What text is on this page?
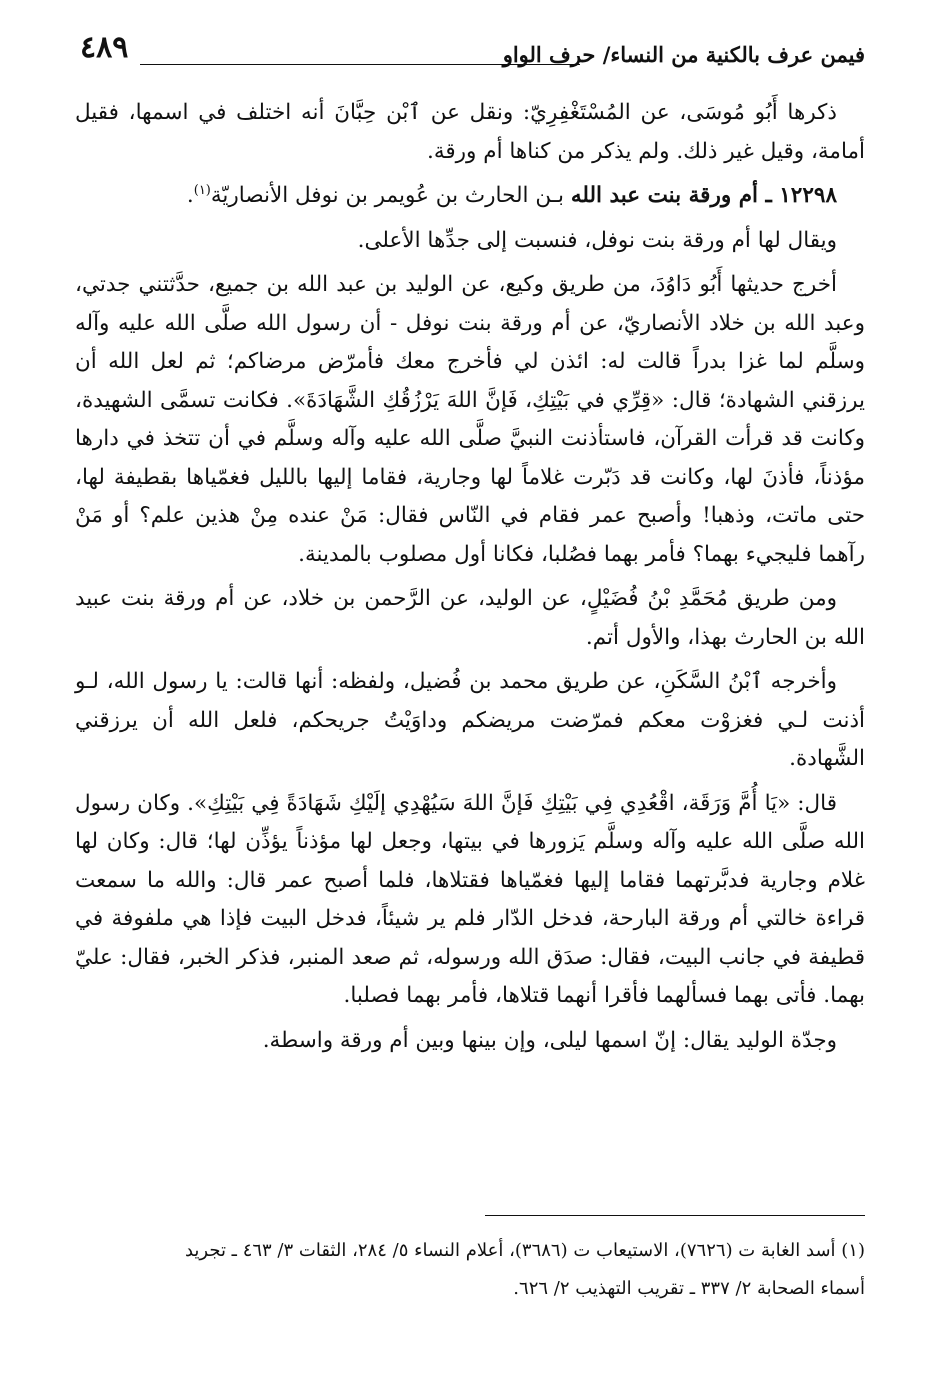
٤٨٩	فيمن عرف بالكنية من النساء/ حرف الواو

ذكرها أَبُو مُوسَى، عن المُسْتَغْفِرِيّ: ونقل عن ٱبْن حِبَّانَ أنه اختلف في اسمها، فقيل أمامة، وقيل غير ذلك. ولم يذكر من كناها أم ورقة.

١٢٢٩٨ ـ أم ورقة بنت عبد الله بـن الحارث بن عُويمر بن نوفل الأنصاريّة$^{(١)}$.

ويقال لها أم ورقة بنت نوفل، فنسبت إلى جدِّها الأعلى.

أخرج حديثها أَبُو دَاوُدَ، من طريق وكيع، عن الوليد بن عبد الله بن جميع، حدَّثتني جدتي، وعبد الله بن خلاد الأنصاريّ، عن أم ورقة بنت نوفل - أن رسول الله صلَّى الله عليه وآله وسلَّم لما غزا بدراً قالت له: ائذن لي فأخرج معك فأمرّض مرضاكم؛ ثم لعل الله أن يرزقني الشهادة؛ قال: «قِرِّي في بَيْتِكِ، فَإنَّ اللهَ يَرْزُقُكِ الشَّهَادَةَ». فكانت تسمَّى الشهيدة، وكانت قد قرأت القرآن، فاستأذنت النبيَّ صلَّى الله عليه وآله وسلَّم في أن تتخذ في دارها مؤذناً، فأذنَ لها، وكانت قد دَبّرت غلاماً لها وجارية، فقاما إليها بالليل فغمّياها بقطيفة لها، حتى ماتت، وذهبا! وأصبح عمر فقام في النّاس فقال: مَنْ عنده مِنْ هذين علم؟ أو مَنْ رآهما فليجيء بهما؟ فأمر بهما فصُلبا، فكانا أول مصلوب بالمدينة.

ومن طريق مُحَمَّدِ بْنُ فُضَيْلٍ، عن الوليد، عن الرَّحمن بن خلاد، عن أم ورقة بنت عبيد الله بن الحارث بهذا، والأول أتم.

وأخرجه ٱبْنُ السَّكَنِ، عن طريق محمد بن فُضيل، ولفظه: أنها قالت: يا رسول الله، لـو أذنت لـي فغزوْت معكم فمرّضت مريضكم وداوَيْتُ جريحكم، فلعل الله أن يرزقني الشَّهادة.

قال: «يَا أُمَّ وَرَقَة، اقْعُدِي فِي بَيْتِكِ فَإنَّ اللهَ سَيُهْدِي إلَيْكِ شَهَادَةً فِي بَيْتِكِ». وكان رسول الله صلَّى الله عليه وآله وسلَّم يَزورها في بيتها، وجعل لها مؤذناً يؤذِّن لها؛ قال: وكان لها غلام وجارية فدبَّرتهما فقاما إليها فغمّياها فقتلاها، فلما أصبح عمر قال: والله ما سمعت قراءة خالتي أم ورقة البارحة، فدخل الدّار فلم ير شيئاً، فدخل البيت فإذا هي ملفوفة في قطيفة في جانب البيت، فقال: صدَق الله ورسوله، ثم صعد المنبر، فذكر الخبر، فقال: عليّ بهما. فأتى بهما فسألهما فأقرا أنهما قتلاها، فأمر بهما فصلبا.

وجدّة الوليد يقال: إنّ اسمها ليلى، وإن بينها وبين أم ورقة واسطة.

(١) أسد الغابة ت (٧٦٢٦)، الاستيعاب ت (٣٦٨٦)، أعلام النساء ٥/ ٢٨٤، الثقات ٣/ ٤٦٣ ـ تجريد

أسماء الصحابة ٢/ ٣٣٧ ـ تقريب التهذيب ٢/ ٦٢٦.
